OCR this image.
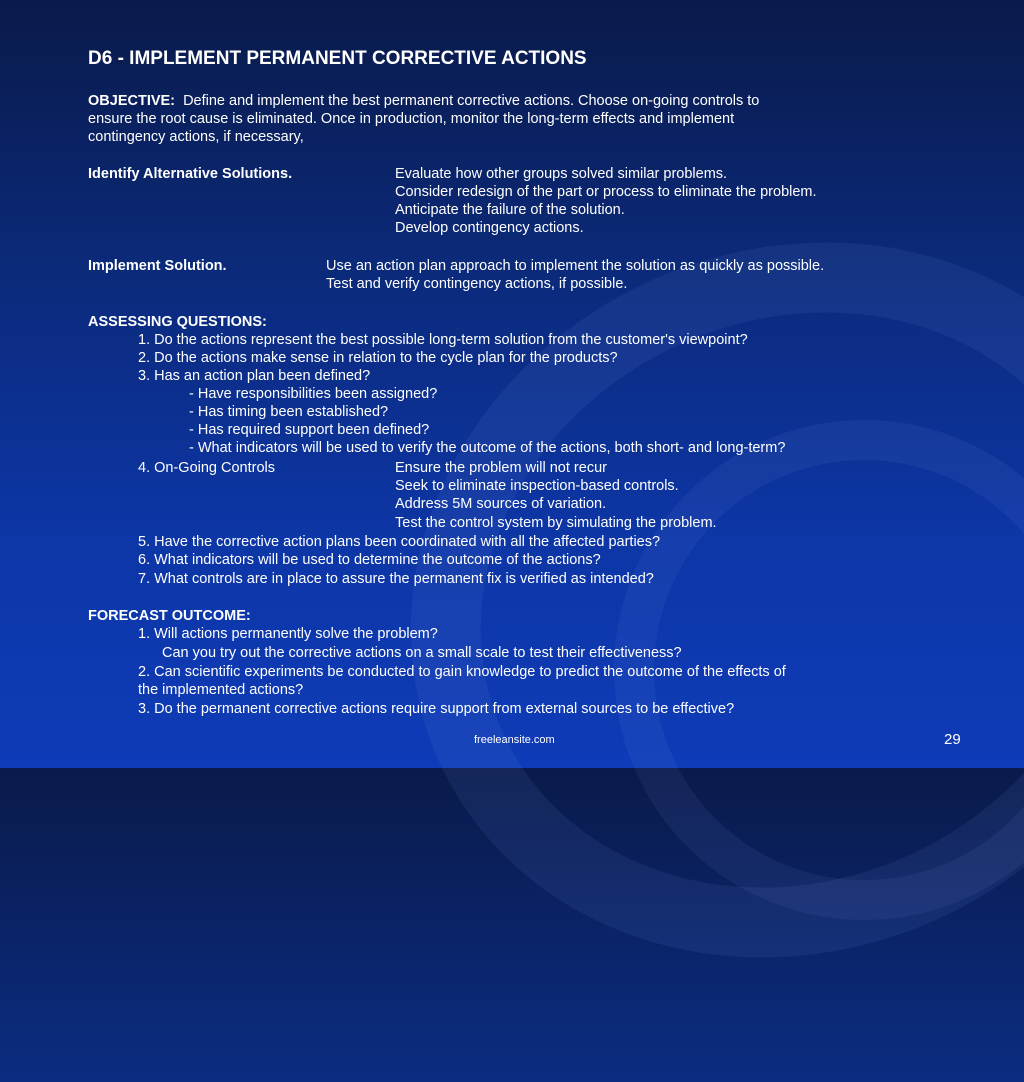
D6 - IMPLEMENT PERMANENT CORRECTIVE ACTIONS
OBJECTIVE: Define and implement the best permanent corrective actions. Choose on-going controls to
ensure the root cause is eliminated. Once in production, monitor the long-term effects and implement
contingency actions, if necessary,
Identify Alternative Solutions.	Evaluate how other groups solved similar problems.
Consider redesign of the part or process to eliminate the problem.
Anticipate the failure of the solution.
Develop contingency actions.
Implement Solution.	Use an action plan approach to implement the solution as quickly as possible.
Test and verify contingency actions, if possible.
ASSESSING QUESTIONS:
1. Do the actions represent the best possible long-term solution from the customer's viewpoint?
2. Do the actions make sense in relation to the cycle plan for the products?
3. Has an action plan been defined?
- Have responsibilities been assigned?
- Has timing been established?
- Has required support been defined?
- What indicators will be used to verify the outcome of the actions, both short- and long-term?
4. On-Going Controls	Ensure the problem will not recur
Seek to eliminate inspection-based controls.
Address 5M sources of variation.
Test the control system by simulating the problem.
5. Have the corrective action plans been coordinated with all the affected parties?
6. What indicators will be used to determine the outcome of the actions?
7. What controls are in place to assure the permanent fix is verified as intended?
FORECAST OUTCOME:
1. Will actions permanently solve the problem?
Can you try out the corrective actions on a small scale to test their effectiveness?
2. Can scientific experiments be conducted to gain knowledge to predict the outcome of the effects of
the implemented actions?
3. Do the permanent corrective actions require support from external sources to be effective?
freeleansite.com	29
